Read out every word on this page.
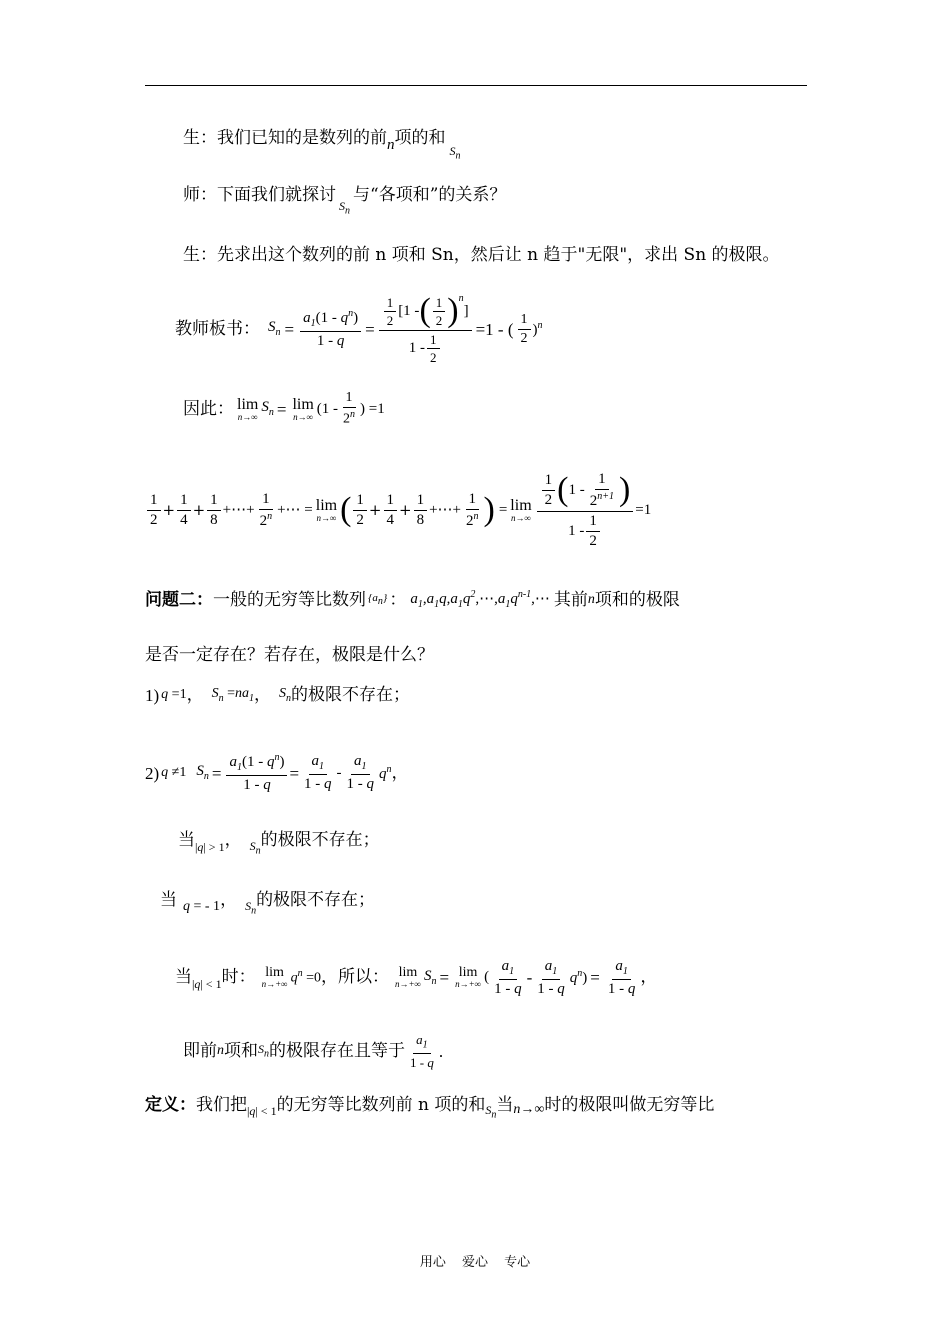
生：我们已知的是数列的前n项的和$_{S_n}$
师：下面我们就探讨$_{S_n}$与“各项和”的关系？
生：先求出这个数列的前 n 项和 Sn，然后让 n 趋于"无限"，求出 Sn 的极限。
教师板书： $S_n = \frac{a_1(1 - q^n)}{1 - q} = \frac{1}{2} [1$ - ( $\frac{1}{2} )^n$
]
$1 - \frac{1}{2} =1$ - ( $\frac{1}{2} )^n$
因此： lim
n→∞
$S_n = \lim$
n→∞ ($1 - \frac{1}{2^n}$ ) =1
$\frac{1}{2} + \frac{1}{4} + \frac{1}{8}$ +⋯+ $\frac{1}{2^n}$ +⋯ = lim
n→∞ ( $\frac{1}{2} + \frac{1}{4} + \frac{1}{8}$ +⋯+ $\frac{1}{2^n}$ ) = lim
$n\to\infty \frac{\frac{1}{2} ( 1 - \frac{1}{2^{n+1}} )}{1 - \frac{1}{2}} =1$
问题二： 一般的无穷等比数列 $\{a_n\}$ ： $a_1,a_1q,a_1q^2,\cdots,a_1q^{n-1},\cdots$ 其前 n 项和的极限
是否一定存在？若存在，极限是什么？
1) q =1 ， $S_n =na_1$ ， $S_n$ 的极限不存在；
2) q ≠1 $S_n = \frac{a_1(1 - q^n)}{1 - q} = \frac{a_1}{1 - q} - \frac{a_1}{1 - q} q^n$ ，
当 |q| > 1 ， $S_n$
的极限不存在；
当 q = - 1 ， $S_n$
的极限不存在；
当 |q| < 1 时： lim
n→+∞ $q^n =0$ ，所以： lim
n→+∞
$S_n = \lim$
n→+∞ ( $\frac{a_1}{1 - q} - \frac{a_1}{1 - q} q^n) = \frac{a_1}{1 - q}$ ，
即前 n 项和 $S_n$ 的极限存在且等于 $\frac{a_1}{1 - q}$ .
定义： 我们把 |q| < 1 的无穷等比数列前 n 项的和 $S_n$
当 n→∞ 时的极限叫做无穷等比
用心 爱心 专心
